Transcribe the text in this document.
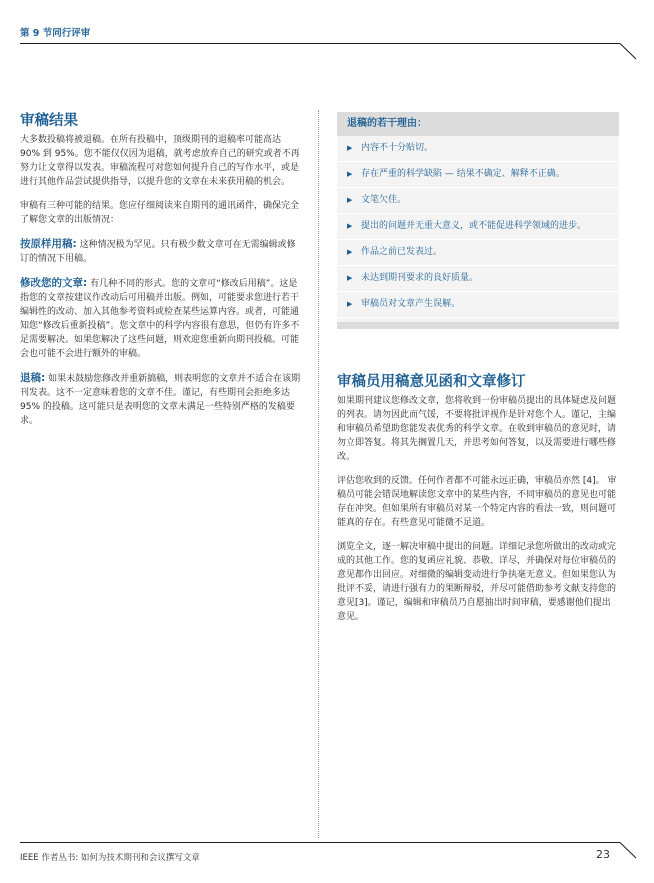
第 9 节同行评审
审稿结果

大多数投稿将被退稿。在所有投稿中，顶级期刊的退稿率可能高达 90% 到 95%。您不能仅仅因为退稿，就考虑放弃自己的研究或者不再努力让文章得以发表。审稿流程可对您如何提升自己的写作水平，或是进行其他作品尝试提供指导，以提升您的文章在未来获用稿的机会。

审稿有三种可能的结果。您应仔细阅读来自期刊的通讯函件，确保完全了解您文章的出版情况：

按原样用稿: 这种情况极为罕见。只有极少数文章可在无需编辑或修订的情况下用稿。

修改您的文章: 有几种不同的形式。您的文章可“修改后用稿”。这是指您的文章按建议作改动后可用稿并出版。例如，可能要求您进行若干编辑性的改动、加入其他参考资料或检查某些运算内容。或者，可能通知您“修改后重新投稿”。您文章中的科学内容很有意思，但仍有许多不足需要解决。如果您解决了这些问题，则欢迎您重新向期刊投稿。可能会也可能不会进行额外的审稿。

退稿: 如果未鼓励您修改并重新搞稿，则表明您的文章并不适合在该期刊发表。这不一定意味着您的文章不佳。谨记，有些期刊会拒绝多达 95% 的投稿。这可能只是表明您的文章未满足一些特别严格的发稿要求。

退稿的若干理由：
▶ 内容不十分贴切。
▶ 存在严重的科学缺陷 — 结果不确定、解释不正确。
▶ 文笔欠佳。
▶ 提出的问题并无重大意义，或不能促进科学领域的进步。
▶ 作品之前已发表过。
▶ 未达到期刊要求的良好质量。
▶ 审稿员对文章产生误解。
审稿员用稿意见函和文章修订

如果期刊建议您修改文章，您将收到一份审稿员提出的具体疑虑及问题的列表。请勿因此而气馁，不要将批评视作是针对您个人。谨记，主编和审稿员希望助您能发表优秀的科学文章。在收到审稿员的意见时，请勿立即答复。将其先搁置几天，并思考如何答复，以及需要进行哪些修改。

评估您收到的反馈。任何作者都不可能永远正确，审稿员亦然 [4]。 审稿员可能会错误地解读您文章中的某些内容，不同审稿员的意见也可能存在冲突。但如果所有审稿员对某一个特定内容的看法一致，则问题可能真的存在。有些意见可能微不足道。

浏览全文，逐一解决审稿中提出的问题。详细记录您所做出的改动或完成的其他工作。您的复函应礼貌、恭敬、详尽，并确保对每位审稿员的意见都作出回应。对细微的编辑变动进行争执毫无意义。但如果您认为批评不妥，请进行强有力的果断辩驳，并尽可能借助参考文献支持您的意见[3]。谨记，编辑和审稿员乃自愿抽出时间审稿，要感谢他们提出意见。

IEEE 作者丛书: 如何为技术期刊和会议撰写文章	23
